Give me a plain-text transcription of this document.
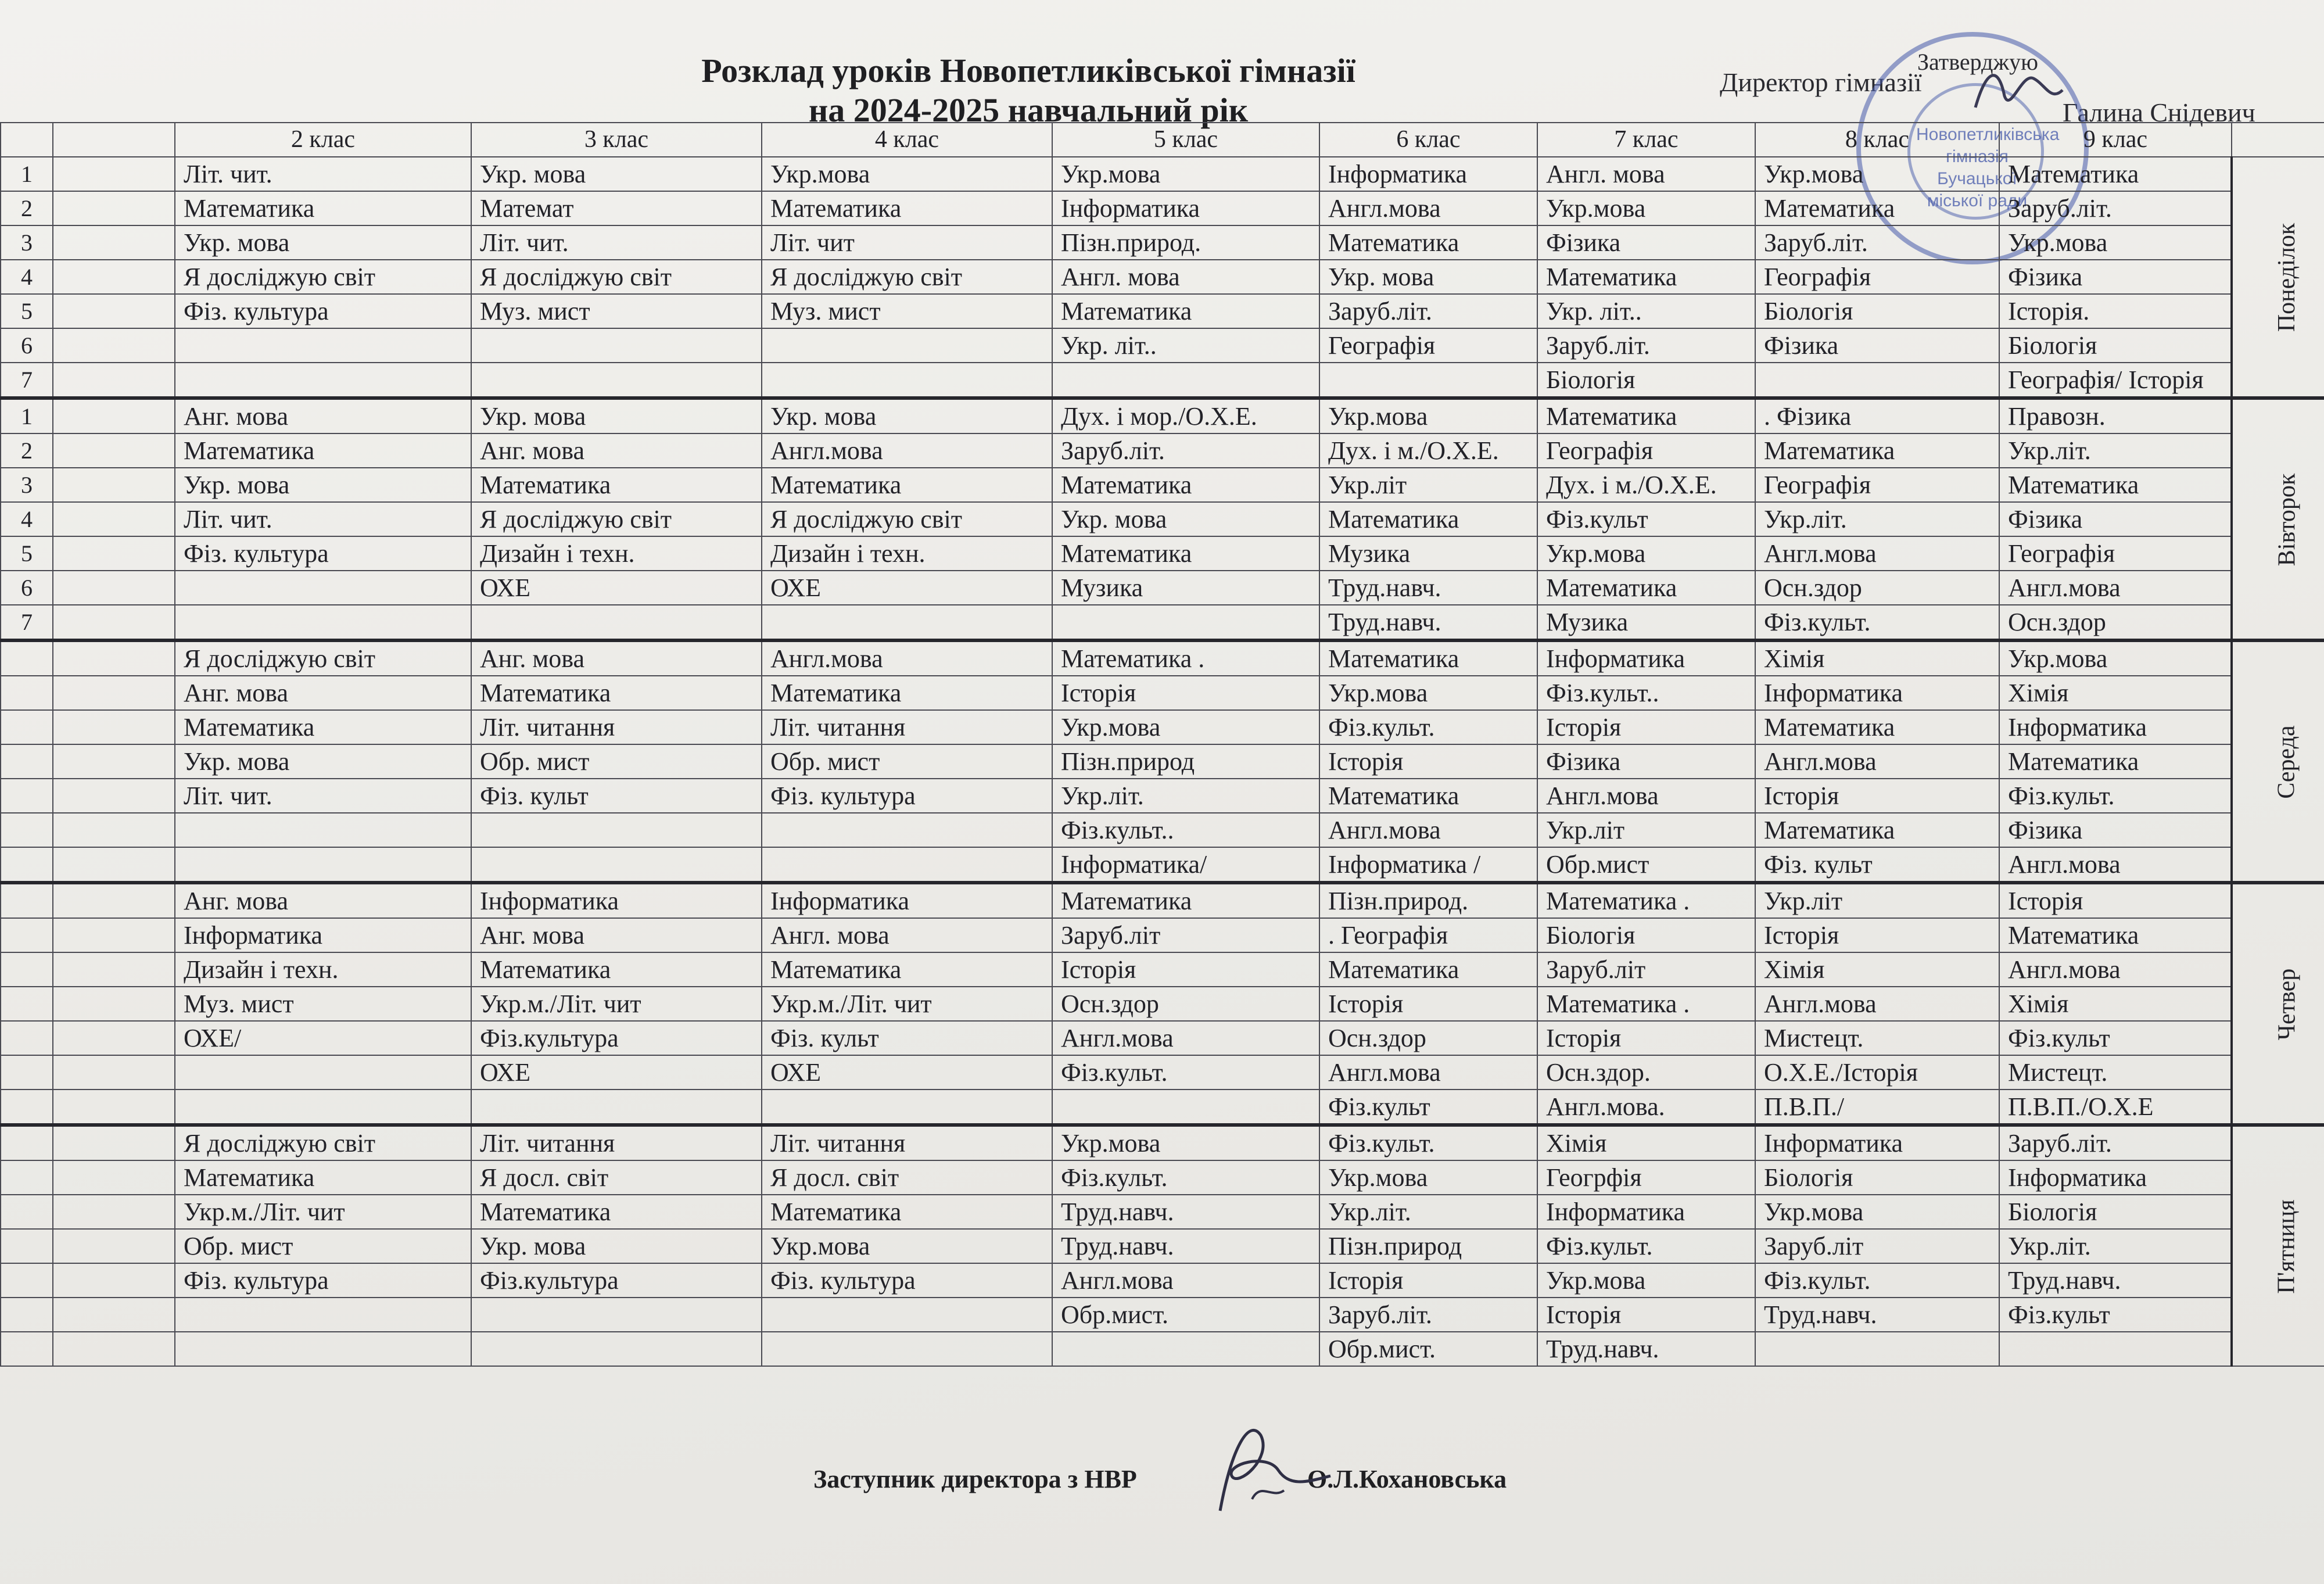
Розклад уроків Новопетликівської гімназії
на 2024-2025 навчальний рік
Затверджую
Директор гімназії
Галина Снідевич
Новопетликівська
гімназія Бучацької
міської ради
		2 клас	3 клас	4 клас	5 клас	6 клас	7 клас	8 клас	9 клас	
1		Літ. чит.	Укр. мова	Укр.мова	Укр.мова	Інформатика	Англ. мова	Укр.мова	Математика	Понеділок
2		Математика	Математ	Математика	Інформатика	Англ.мова	Укр.мова	Математика	Заруб.літ.	
3		Укр. мова	Літ. чит.	Літ. чит	Пізн.природ.	Математика	Фізика	Заруб.літ.	Укр.мова	
4		Я досліджую світ	Я досліджую світ	Я досліджую світ	Англ. мова	Укр. мова	Математика	Географія	Фізика	
5		Фіз. культура	Муз. мист	Муз. мист	Математика	Заруб.літ.	Укр. літ..	Біологія	Історія.	
6					Укр. літ..	Географія	Заруб.літ.	Фізика	Біологія	
7							Біологія		Географія/ Історія	
1		Анг. мова	Укр. мова	Укр. мова	Дух. і мор./О.Х.Е.	Укр.мова	Математика	. Фізика	Правозн.	Вівторок
2		Математика	Анг. мова	Англ.мова	Заруб.літ.	Дух. і м./О.Х.Е.	Географія	Математика	Укр.літ.	
3		Укр. мова	Математика	Математика	Математика	Укр.літ	Дух. і м./О.Х.Е.	Географія	Математика	
4		Літ. чит.	Я досліджую світ	Я досліджую світ	Укр. мова	Математика	Фіз.культ	Укр.літ.	Фізика	
5		Фіз. культура	Дизайн і техн.	Дизайн і техн.	Математика	Музика	Укр.мова	Англ.мова	Географія	
6			ОХЕ	ОХЕ	Музика	Труд.навч.	Математика	Осн.здор	Англ.мова	
7						Труд.навч.	Музика	Фіз.культ.	Осн.здор	
		Я досліджую світ	Анг. мова	Англ.мова	Математика .	Математика	Інформатика	Хімія	Укр.мова	Середа
		Анг. мова	Математика	Математика	Історія	Укр.мова	Фіз.культ..	Інформатика	Хімія	
		Математика	Літ. читання	Літ. читання	Укр.мова	Фіз.культ.	Історія	Математика	Інформатика	
		Укр. мова	Обр. мист	Обр. мист	Пізн.природ	Історія	Фізика	Англ.мова	Математика	
		Літ. чит.	Фіз. культ	Фіз. культура	Укр.літ.	Математика	Англ.мова	Історія	Фіз.культ.	
					Фіз.культ..	Англ.мова	Укр.літ	Математика	Фізика	
					Інформатика/	Інформатика /	Обр.мист	Фіз. культ	Англ.мова	
		Анг. мова	Інформатика	Інформатика	Математика	Пізн.природ.	Математика .	Укр.літ	Історія	Четвер
		Інформатика	Анг. мова	Англ. мова	Заруб.літ	. Географія	Біологія	Історія	Математика	
		Дизайн і техн.	Математика	Математика	Історія	Математика	Заруб.літ	Хімія	Англ.мова	
		Муз. мист	Укр.м./Літ. чит	Укр.м./Літ. чит	Осн.здор	Історія	Математика .	Англ.мова	Хімія	
		ОХЕ/	Фіз.культура	Фіз. культ	Англ.мова	Осн.здор	Історія	Мистецт.	Фіз.культ	
			ОХЕ	ОХЕ	Фіз.культ.	Англ.мова	Осн.здор.	О.Х.Е./Історія	Мистецт.	
						Фіз.культ	Англ.мова.	П.В.П./	П.В.П./О.Х.Е	
		Я досліджую світ	Літ. читання	Літ. читання	Укр.мова	Фіз.культ.	Хімія	Інформатика	Заруб.літ.	П'ятниця
		Математика	Я досл. світ	Я досл. світ	Фіз.культ.	Укр.мова	Геогрфія	Біологія	Інформатика	
		Укр.м./Літ. чит	Математика	Математика	Труд.навч.	Укр.літ.	Інформатика	Укр.мова	Біологія	
		Обр. мист	Укр. мова	Укр.мова	Труд.навч.	Пізн.природ	Фіз.культ.	Заруб.літ	Укр.літ.	
		Фіз. культура	Фіз.культура	Фіз. культура	Англ.мова	Історія	Укр.мова	Фіз.культ.	Труд.навч.	
					Обр.мист.	Заруб.літ.	Історія	Труд.навч.	Фіз.культ	
						Обр.мист.	Труд.навч.			
Заступник директора з НВР	О.Л.Кохановська
